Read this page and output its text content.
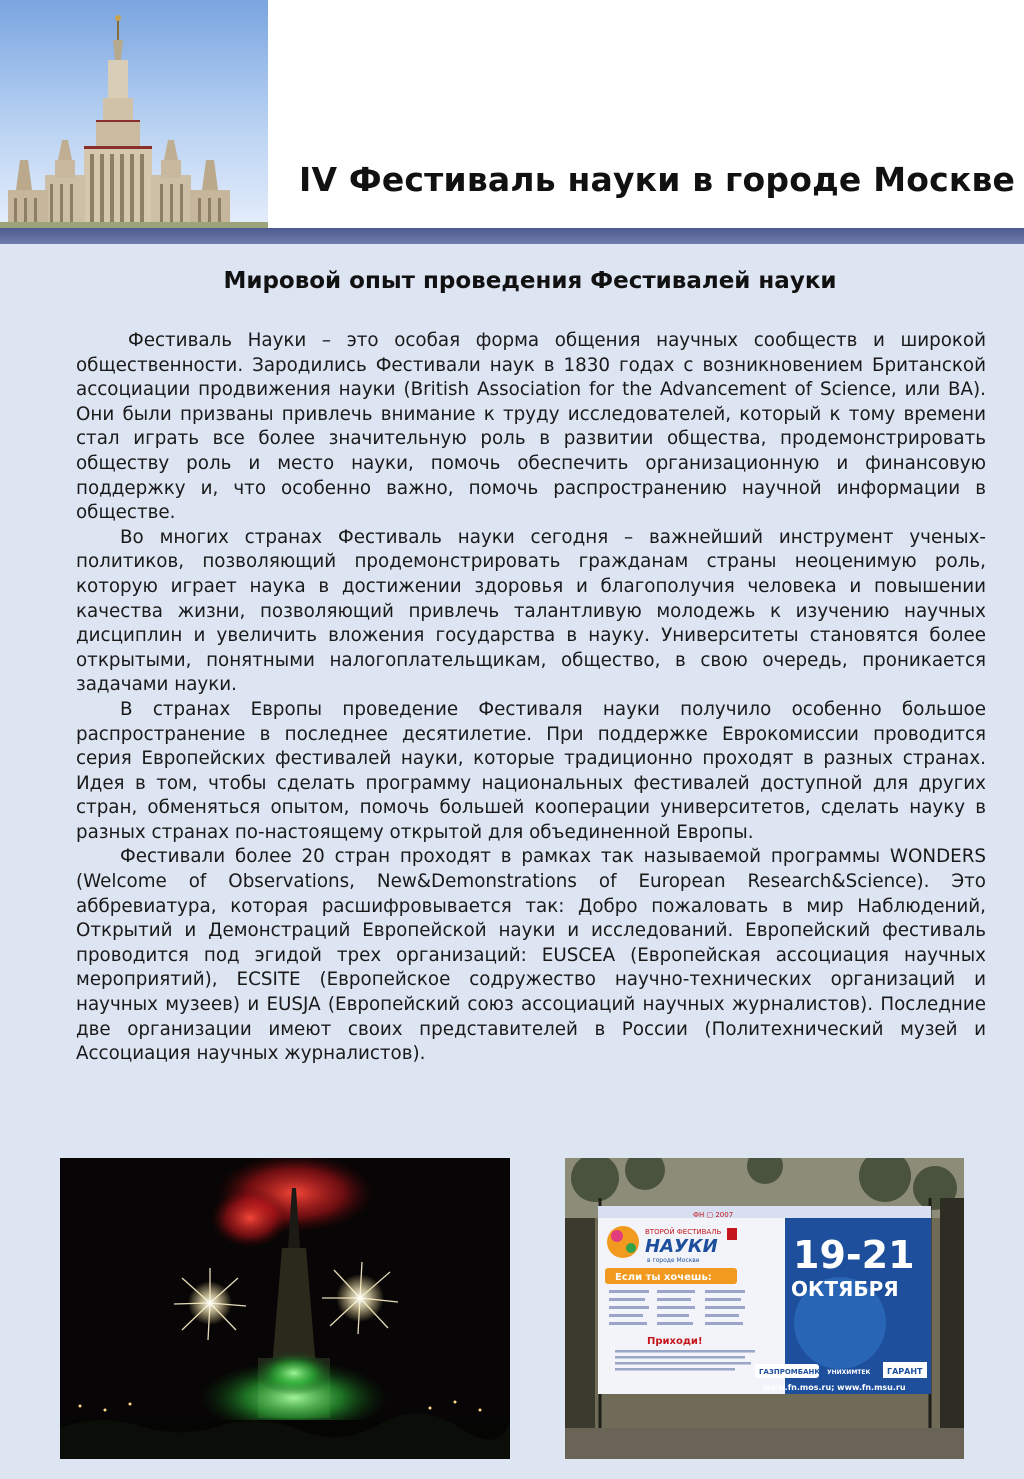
IV Фестиваль науки в городе Москве
Мировой опыт проведения Фестивалей науки

Фестиваль Науки – это особая форма общения научных сообществ и широкой общественности. Зародились Фестивали наук в 1830 годах с возникновением Британской ассоциации продвижения науки (British Association for the Advancement of Science, или BA). Они были призваны привлечь внимание к труду исследователей, который к тому времени стал играть все более значительную роль в развитии общества, продемонстрировать обществу роль и место науки, помочь обеспечить организационную и финансовую поддержку и, что особенно важно, помочь распространению научной информации в обществе.

Во многих странах Фестиваль науки сегодня – важнейший инструмент ученых-политиков, позволяющий продемонстрировать гражданам страны неоценимую роль, которую играет наука в достижении здоровья и благополучия человека и повышении качества жизни, позволяющий привлечь талантливую молодежь к изучению научных дисциплин и увеличить вложения государства в науку. Университеты становятся более открытыми, понятными налогоплательщикам, общество, в свою очередь, проникается задачами науки.

В странах Европы проведение Фестиваля науки получило особенно большое распространение в последнее десятилетие. При поддержке Еврокомиссии проводится серия Европейских фестивалей науки, которые традиционно проходят в разных странах. Идея в том, чтобы сделать программу национальных фестивалей доступной для других стран, обменяться опытом, помочь большей кооперации университетов, сделать науку в разных странах по-настоящему открытой для объединенной Европы.

Фестивали более 20 стран проходят в рамках так называемой программы WONDERS (Welcome of Observations, New&Demonstrations of European Research&Science). Это аббревиатура, которая расшифровывается так: Добро пожаловать в мир Наблюдений, Открытий и Демонстраций Европейской науки и исследований. Европейский фестиваль проводится под эгидой трех организаций: EUSCEA (Европейская ассоциация научных мероприятий), ECSITE (Европейское содружество научно-технических организаций и научных музеев) и EUSJA (Европейский союз ассоциаций научных журналистов). Последние две организации имеют своих представителей в России (Политехнический музей и Ассоциация научных журналистов).

ФН ▢ 2007
ВТОРОЙ ФЕСТИВАЛЬ
НАУКИ
в городе Москве
Если ты хочешь:
Приходи!
19-21
ОКТЯБРЯ
ГАЗПРОМБАНК УНИХИМТЕК ГАРАНТ
www.fn.mos.ru; www.fn.msu.ru
